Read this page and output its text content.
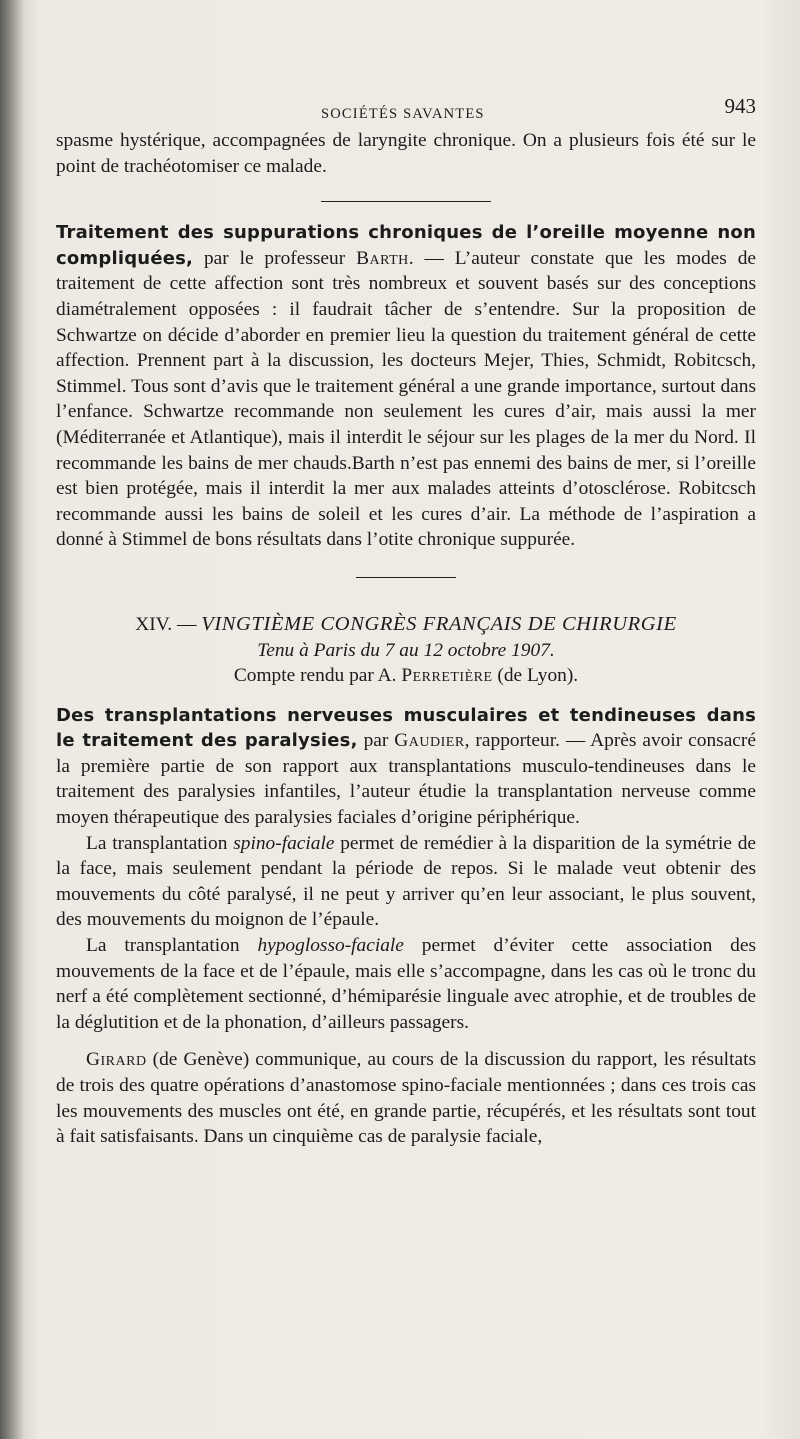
SOCIÉTÉS SAVANTES	943

spasme hystérique, accompagnées de laryngite chronique. On a plusieurs fois été sur le point de trachéotomiser ce malade.

Traitement des suppurations chroniques de l’oreille moyenne non compliquées, par le professeur Barth. — L’auteur constate que les modes de traitement de cette affection sont très nombreux et souvent basés sur des conceptions diamétralement opposées : il faudrait tâcher de s’entendre. Sur la proposition de Schwartze on décide d’aborder en premier lieu la question du traitement général de cette affection. Prennent part à la discussion, les docteurs Mejer, Thies, Schmidt, Robitcsch, Stimmel. Tous sont d’avis que le traitement général a une grande importance, surtout dans l’enfance. Schwartze recommande non seulement les cures d’air, mais aussi la mer (Méditerranée et Atlantique), mais il interdit le séjour sur les plages de la mer du Nord. Il recommande les bains de mer chauds.Barth n’est pas ennemi des bains de mer, si l’oreille est bien protégée, mais il interdit la mer aux malades atteints d’otosclérose. Robitcsch recommande aussi les bains de soleil et les cures d’air. La méthode de l’aspiration a donné à Stimmel de bons résultats dans l’otite chronique suppurée.

XIV. — VINGTIÈME CONGRÈS FRANÇAIS DE CHIRURGIE

Tenu à Paris du 7 au 12 octobre 1907.

Compte rendu par A. Perretière (de Lyon).

Des transplantations nerveuses musculaires et tendineuses dans le traitement des paralysies, par Gaudier, rapporteur. — Après avoir consacré la première partie de son rapport aux transplantations musculo-tendineuses dans le traitement des paralysies infantiles, l’auteur étudie la transplantation nerveuse comme moyen thérapeutique des paralysies faciales d’origine périphérique.

La transplantation spino-faciale permet de remédier à la disparition de la symétrie de la face, mais seulement pendant la période de repos. Si le malade veut obtenir des mouvements du côté paralysé, il ne peut y arriver qu’en leur associant, le plus souvent, des mouvements du moignon de l’épaule.

La transplantation hypoglosso-faciale permet d’éviter cette association des mouvements de la face et de l’épaule, mais elle s’accompagne, dans les cas où le tronc du nerf a été complètement sectionné, d’hémiparésie linguale avec atrophie, et de troubles de la déglutition et de la phonation, d’ailleurs passagers.

Girard (de Genève) communique, au cours de la discussion du rapport, les résultats de trois des quatre opérations d’anastomose spino-faciale mentionnées ; dans ces trois cas les mouvements des muscles ont été, en grande partie, récupérés, et les résultats sont tout à fait satisfaisants. Dans un cinquième cas de paralysie faciale,
